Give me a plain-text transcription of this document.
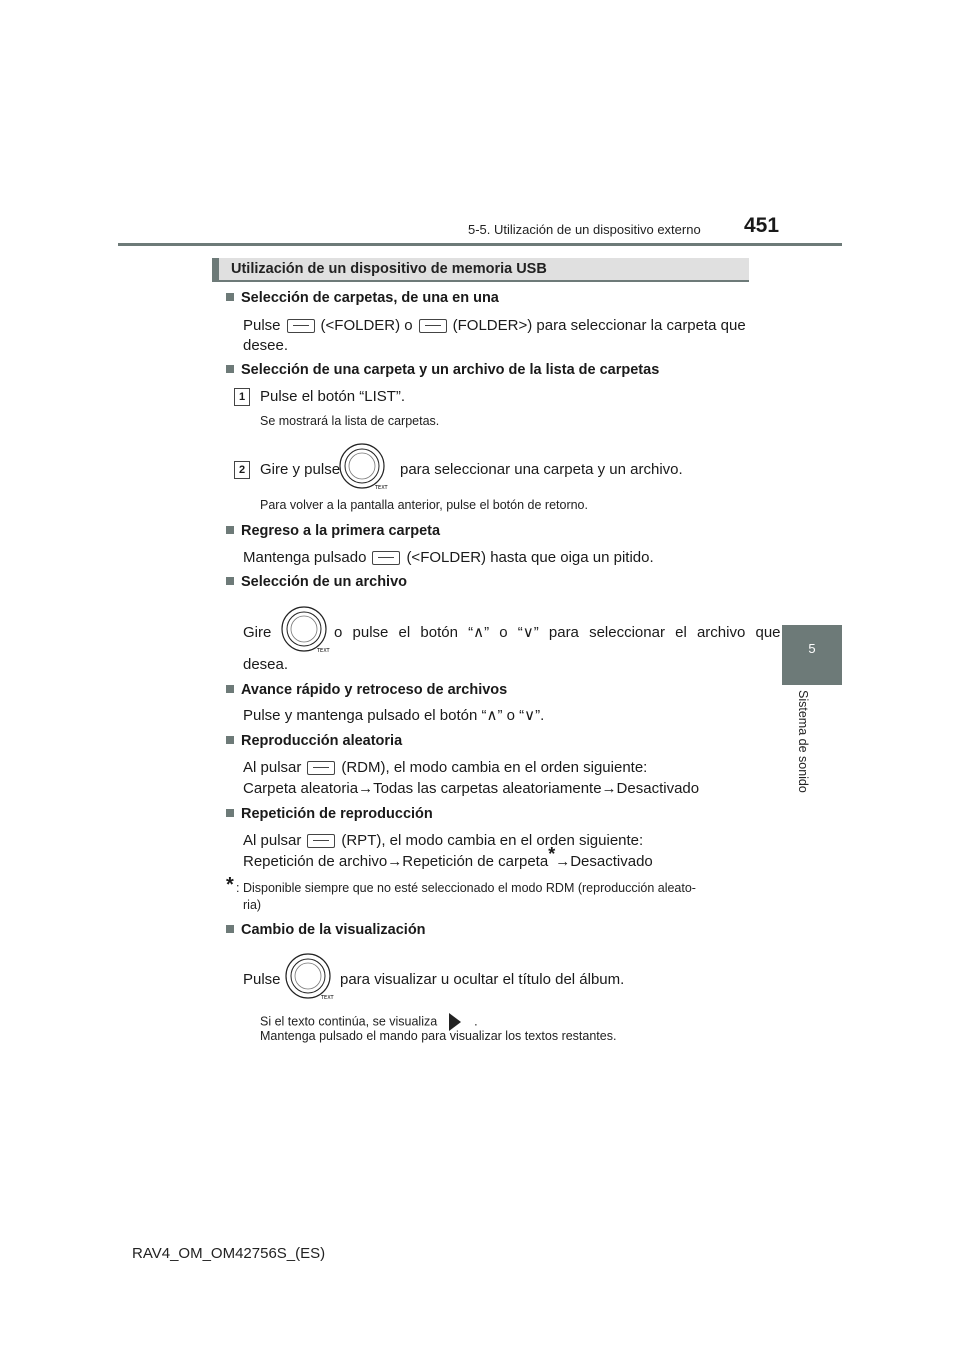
5-5. Utilización de un dispositivo externo 451
5
Sistema de sonido
Utilización de un dispositivo de memoria USB
Selección de carpetas, de una en una
Pulse	(<FOLDER) o	(FOLDER>) para seleccionar la carpeta que
desee.
Selección de una carpeta y un archivo de la lista de carpetas
1 Pulse el botón “LIST”.
Se mostrará la lista de carpetas.
2 Gire y pulse
TEXT
para seleccionar una carpeta y un archivo.
Para volver a la pantalla anterior, pulse el botón de retorno.
Regreso a la primera carpeta
Mantenga pulsado	(<FOLDER) hasta que oiga un pitido.
Selección de un archivo
Gire
TEXT
o pulse el botón “∧” o “∨” para seleccionar el archivo que
desea.
Avance rápido y retroceso de archivos
Pulse y mantenga pulsado el botón “∧” o “∨”.
Reproducción aleatoria
Al pulsar	(RDM), el modo cambia en el orden siguiente:
Carpeta aleatoria→Todas las carpetas aleatoriamente→Desactivado
Repetición de reproducción
Al pulsar	(RPT), el modo cambia en el orden siguiente:
Repetición de archivo→Repetición de carpeta*→Desactivado
* : Disponible siempre que no esté seleccionado el modo RDM (reproducción aleato-
ria)
Cambio de la visualización
Pulse
TEXT
para visualizar u ocultar el título del álbum.
Si el texto continúa, se visualiza	.
Mantenga pulsado el mando para visualizar los textos restantes.
RAV4_OM_OM42756S_(ES)
